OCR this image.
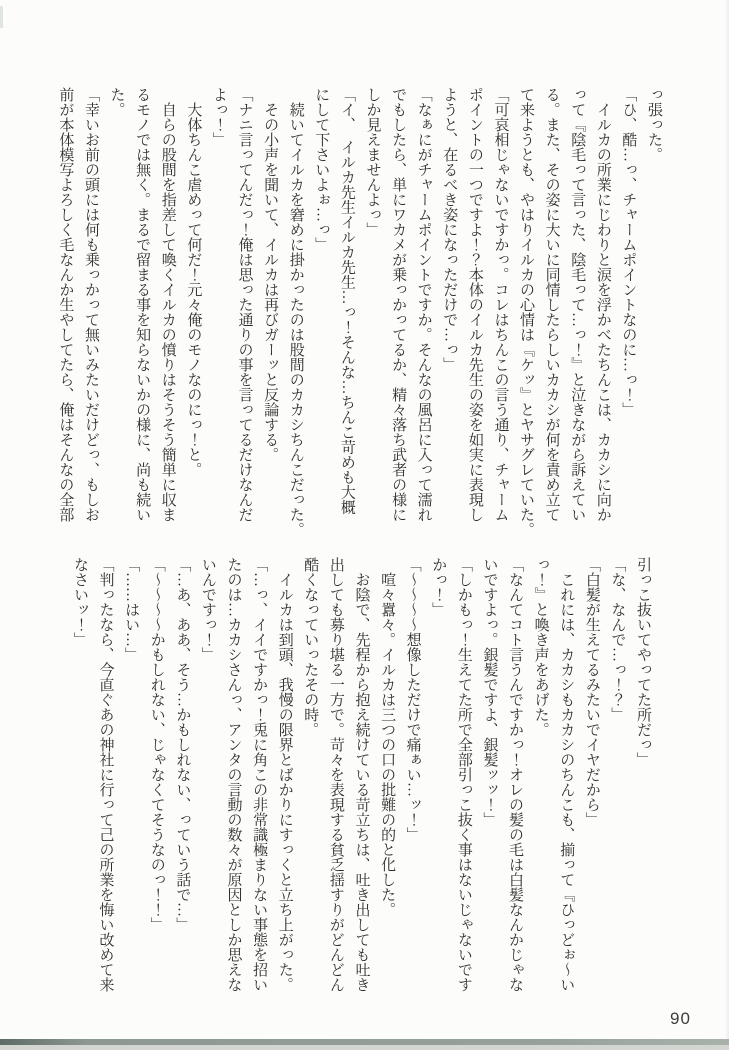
っ張った。
「ひ、酷…っ、チャームポイントなのに…っ！」
　イルカの所業にじわりと涙を浮かべたちんこは、カカシに向か
って『陰毛って言った、陰毛って…っ！』と泣きながら訴えてい
る。また、その姿に大いに同情したらしいカカシが何を責め立て
て来ようとも、やはりイルカの心情は『ケッ』とヤサグレていた。
「可哀相じゃないですかっ。コレはちんこの言う通り、チャーム
ポイントの一つですよ！？本体のイルカ先生の姿を如実に表現し
ようと、在るべき姿になっただけで…っ」
「なぁにがチャームポイントですか。そんなの風呂に入って濡れ
でもしたら、単にワカメが乗っかってるか、精々落ち武者の様に
しか見えませんよっ」
「イ、　イルカ先生イルカ先生…っ！そんな…ちんこ苛めも大概
にして下さいよぉ…っ」
　続いてイルカを窘めに掛かったのは股間のカカシちんこだった。
　その小声を聞いて、イルカは再びガーッと反論する。
「ナニ言ってんだっ！俺は思った通りの事を言ってるだけなんだ
よっ！」
　大体ちんこ虐めって何だ！元々俺のモノなのにっ！と。
　自らの股間を指差して喚くイルカの憤りはそうそう簡単に収ま
るモノでは無く。まるで留まる事を知らないかの様に、尚も続い
た。
「幸いお前の頭には何も乗っかって無いみたいだけどっ、もしお
前が本体模写よろしく毛なんか生やしてたら、俺はそんなの全部
引っこ抜いてやってた所だっ」
「な、なんで…っ！？」
「白髪が生えてるみたいでイヤだから」
　これには、カカシもカカシのちんこも、揃って『ひっどぉ〜い
っ！』と喚き声をあげた。
「なんてコト言うんですかっ！オレの髪の毛は白髪なんかじゃな
いですよっ。銀髪ですよ、銀髪ッッ！」
「しかもっ！生えてた所で全部引っこ抜く事はないじゃないです
かっ！」
「〜〜〜〜想像しただけで痛ぁい…ッ！」
　喧々囂々。イルカは三つの口の批難の的と化した。
　お陰で、先程から抱え続けている苛立ちは、吐き出しても吐き
出しても募り堪る一方で。苛々を表現する貧乏揺すりがどんどん
酷くなっていったその時。
　イルカは到頭、我慢の限界とばかりにすっくと立ち上がった。
「…っ、イイですかっ！兎に角この非常識極まりない事態を招い
たのは…カカシさんっ、アンタの言動の数々が原因としか思えな
いんですっ！」
「…あ、ああ、そう…かもしれない、っていう話で…」
「〜〜〜〜かもしれない、じゃなくてそうなのっ！！」
「……はい…」
「判ったなら、今直ぐあの神社に行って己の所業を悔い改めて来
なさいッ！」
90
